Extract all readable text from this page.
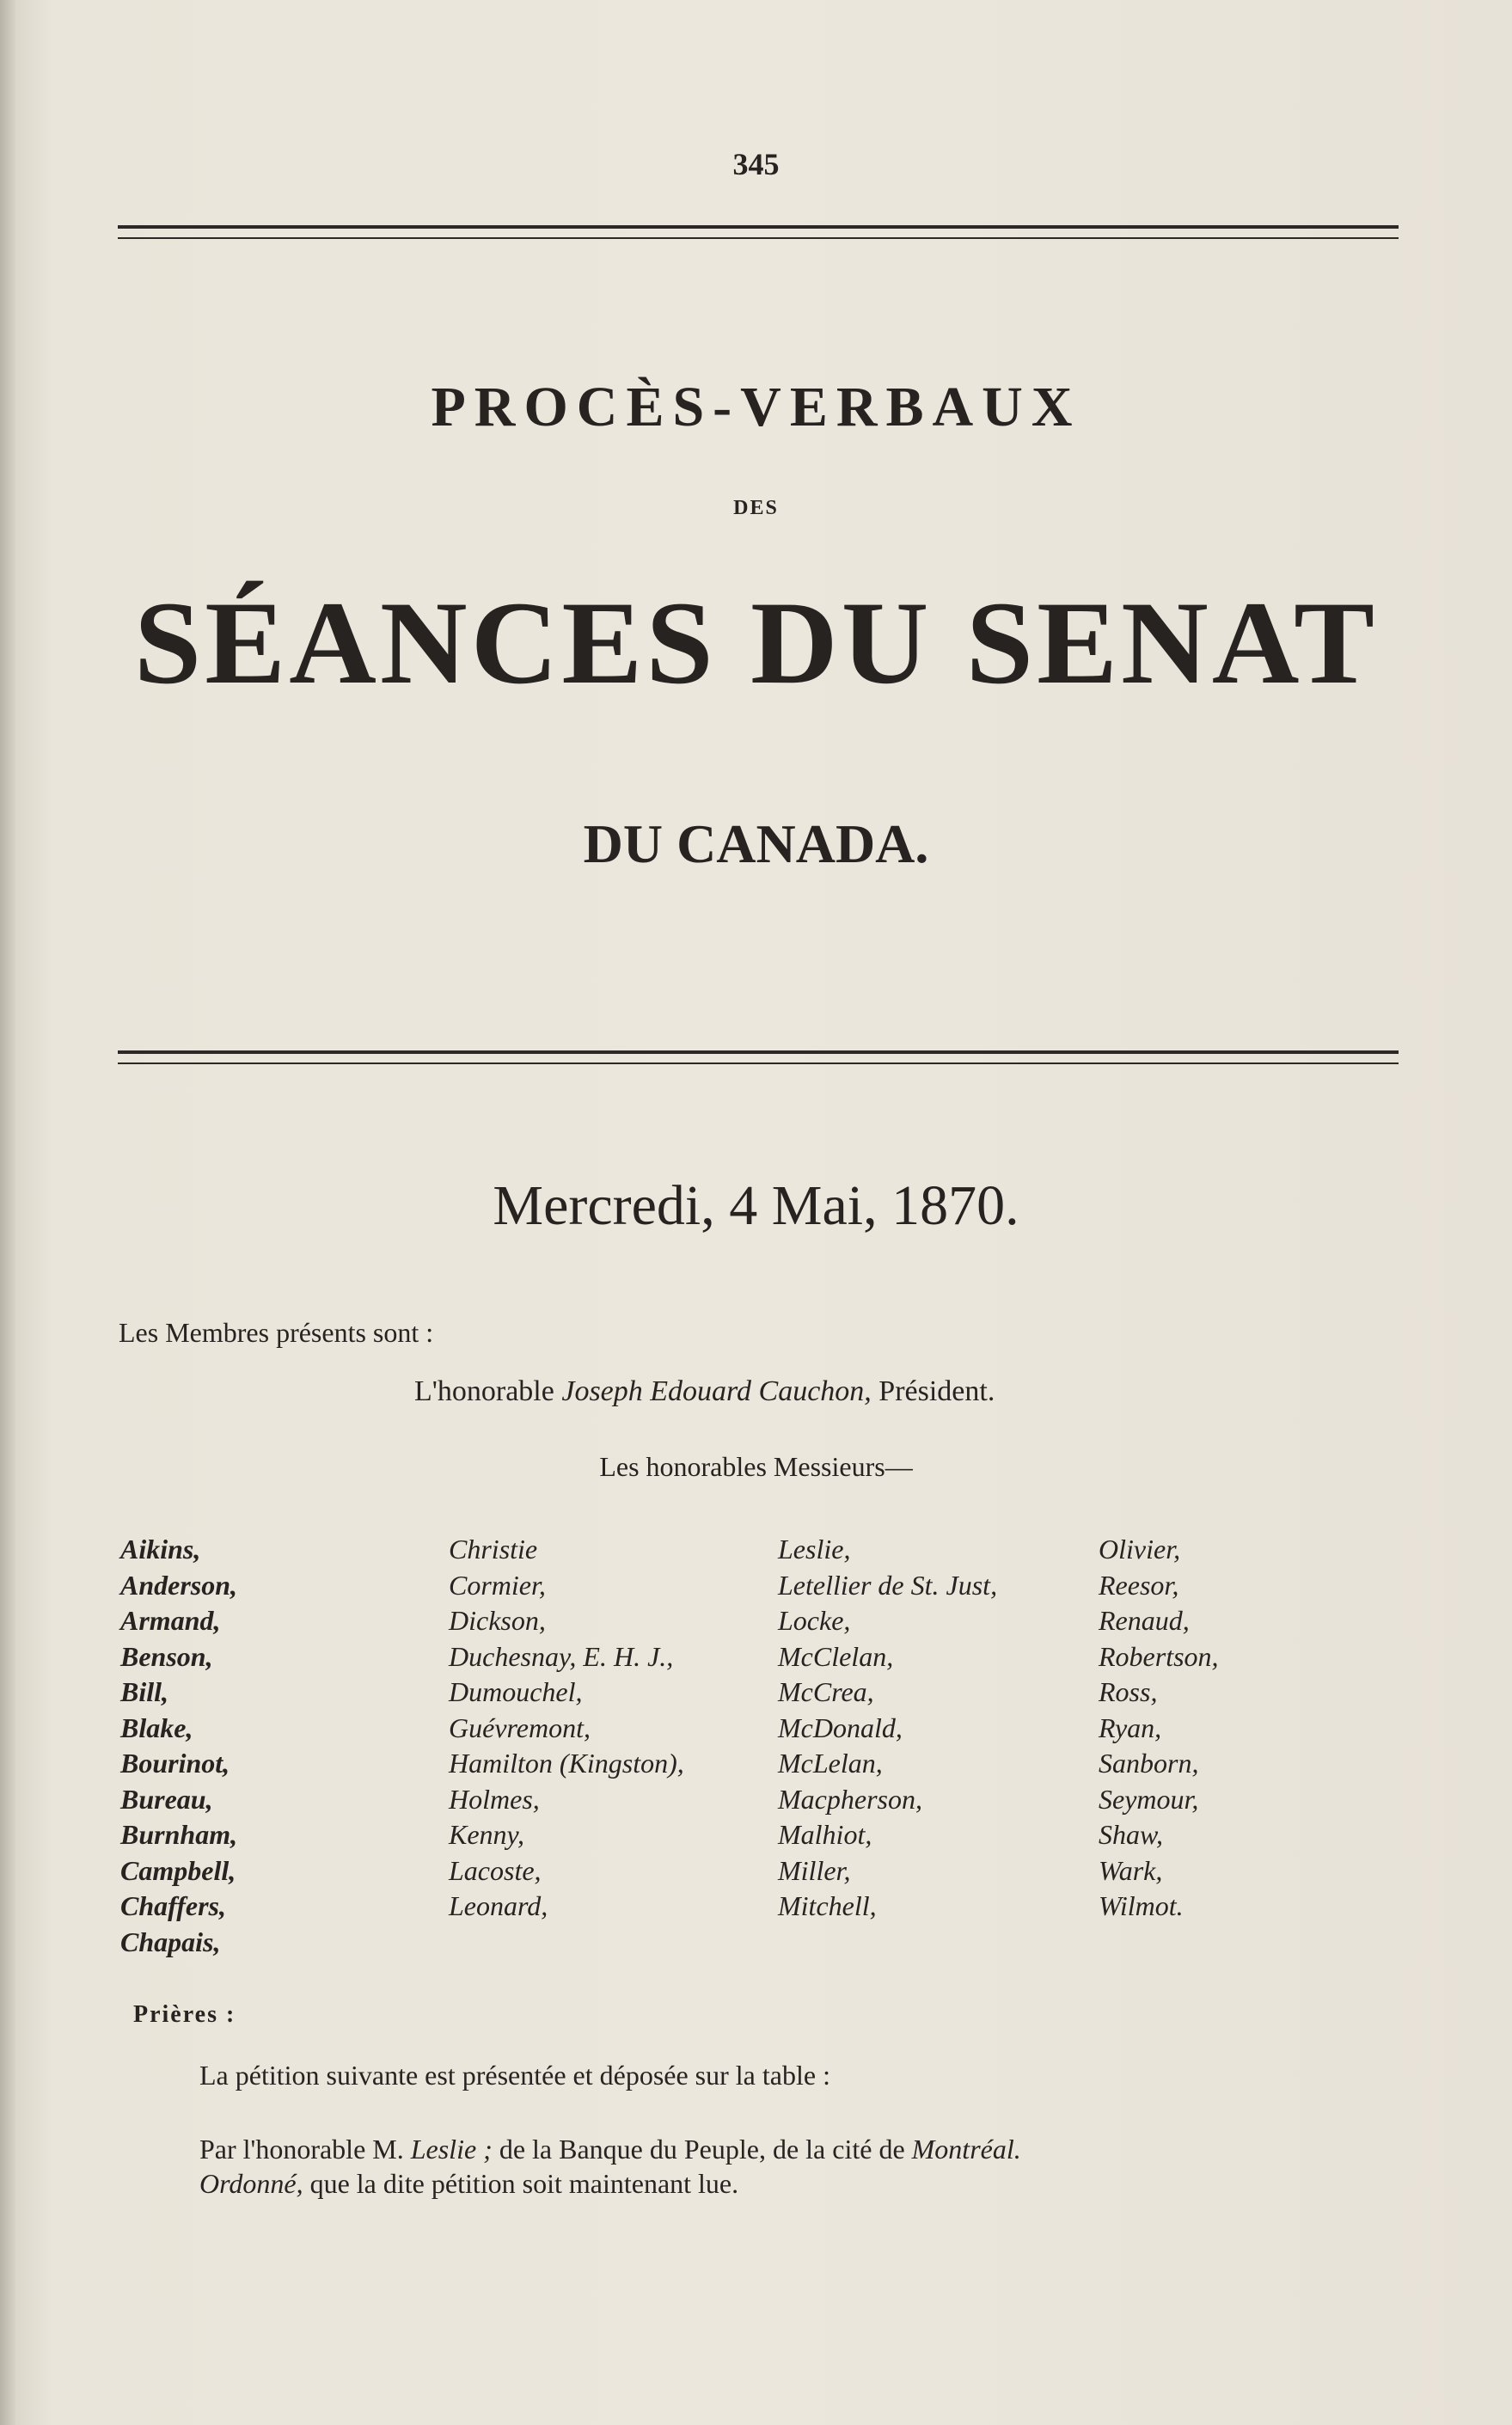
345
PROCÈS-VERBAUX
DES
SÉANCES DU SENAT
DU CANADA.
Mercredi, 4 Mai, 1870.
Les Membres présents sont :
L'honorable Joseph Edouard Cauchon, Président.
Les honorables Messieurs—
Aikins,
Anderson,
Armand,
Benson,
Bill,
Blake,
Bourinot,
Bureau,
Burnham,
Campbell,
Chaffers,
Chapais,
Christie
Cormier,
Dickson,
Duchesnay, E. H. J.,
Dumouchel,
Guévremont,
Hamilton (Kingston),
Holmes,
Kenny,
Lacoste,
Leonard,
Leslie,
Letellier de St. Just,
Locke,
McClelan,
McCrea,
McDonald,
McLelan,
Macpherson,
Malhiot,
Miller,
Mitchell,
Olivier,
Reesor,
Renaud,
Robertson,
Ross,
Ryan,
Sanborn,
Seymour,
Shaw,
Wark,
Wilmot.
Prières :
La pétition suivante est présentée et déposée sur la table :
Par l'honorable M. Leslie ; de la Banque du Peuple, de la cité de Montréal.
Ordonné, que la dite pétition soit maintenant lue.
